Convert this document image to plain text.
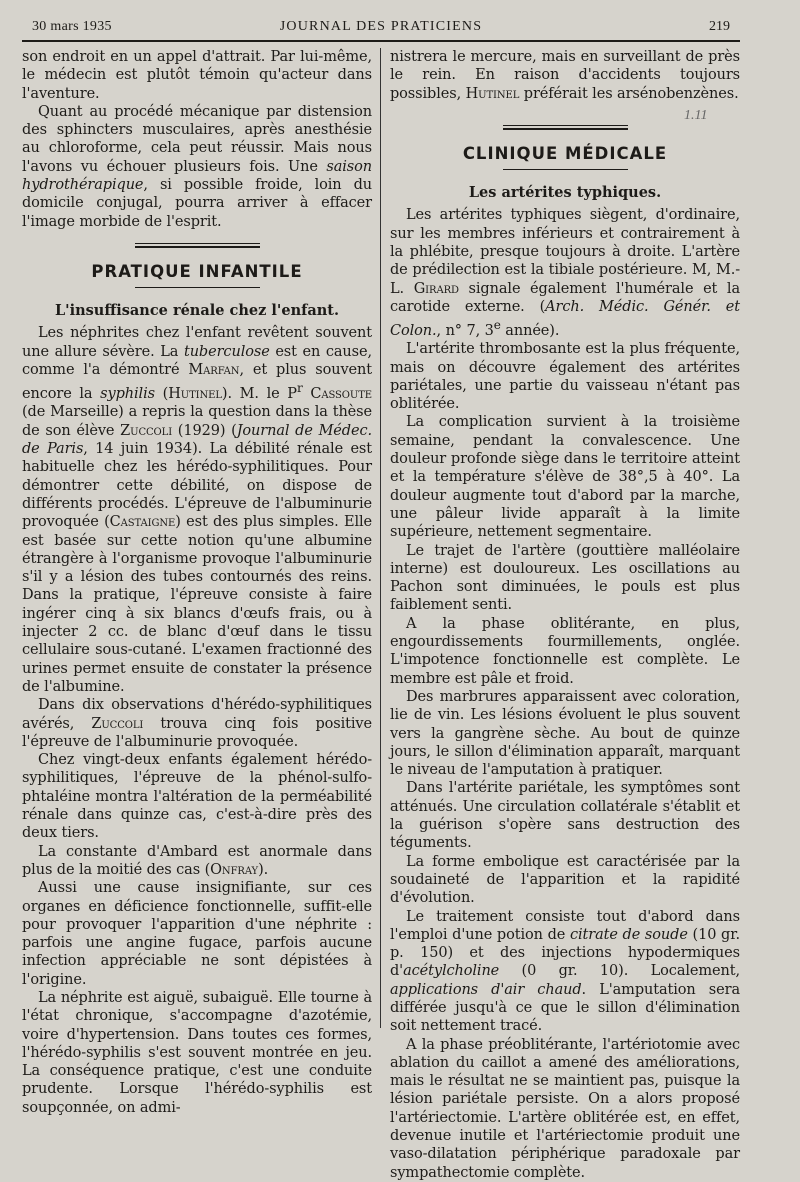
30 mars 1935	JOURNAL DES PRATICIENS	219
1.11

son endroit en un appel d'attrait. Par lui-même, le médecin est plutôt témoin qu'acteur dans l'aventure.

Quant au procédé mécanique par distension des sphincters musculaires, après anesthésie au chloroforme, cela peut réussir. Mais nous l'avons vu échouer plusieurs fois. Une saison hydrothérapique, si possible froide, loin du domicile conjugal, pourra arriver à effacer l'image morbide de l'esprit.

PRATIQUE INFANTILE
L'insuffisance rénale chez l'enfant.

Les néphrites chez l'enfant revêtent souvent une allure sévère. La tuberculose est en cause, comme l'a démontré Marfan, et plus souvent encore la syphilis (Hutinel). M. le $P^r$ Cassoute (de Marseille) a repris la question dans la thèse de son élève Zuccoli (1929) (Journal de Médec. de Paris, 14 juin 1934). La débilité rénale est habituelle chez les hérédo-syphilitiques. Pour démontrer cette débilité, on dispose de différents procédés. L'épreuve de l'albuminurie provoquée (Castaigne) est des plus simples. Elle est basée sur cette notion qu'une albumine étrangère à l'organisme provoque l'albuminurie s'il y a lésion des tubes contournés des reins. Dans la pratique, l'épreuve consiste à faire ingérer cinq à six blancs d'œufs frais, ou à injecter 2 cc. de blanc d'œuf dans le tissu cellulaire sous-cutané. L'examen fractionné des urines permet ensuite de constater la présence de l'albumine.

Dans dix observations d'hérédo-syphilitiques avérés, Zuccoli trouva cinq fois positive l'épreuve de l'albuminurie provoquée.

Chez vingt-deux enfants également hérédo-syphilitiques, l'épreuve de la phénol-sulfo-phtaléine montra l'altération de la perméabilité rénale dans quinze cas, c'est-à-dire près des deux tiers.

La constante d'Ambard est anormale dans plus de la moitié des cas (Onfray).

Aussi une cause insignifiante, sur ces organes en déficience fonctionnelle, suffit-elle pour provoquer l'apparition d'une néphrite : parfois une angine fugace, parfois aucune infection appréciable ne sont dépistées à l'origine.

La néphrite est aiguë, subaiguë. Elle tourne à l'état chronique, s'accompagne d'azotémie, voire d'hypertension. Dans toutes ces formes, l'hérédo-syphilis s'est souvent montrée en jeu. La conséquence pratique, c'est une conduite prudente. Lorsque l'hérédo-syphilis est soupçonnée, on admi-

nistrera le mercure, mais en surveillant de près le rein. En raison d'accidents toujours possibles, Hutinel préférait les arsénobenzènes.

CLINIQUE MÉDICALE
Les artérites typhiques.

Les artérites typhiques siègent, d'ordinaire, sur les membres inférieurs et contrairement à la phlébite, presque toujours à droite. L'artère de prédilection est la tibiale postérieure. M, M.-L. Girard signale également l'humérale et la carotide externe. (Arch. Médic. Génér. et Colon., n° 7, 3e année).

L'artérite thrombosante est la plus fréquente, mais on découvre également des artérites pariétales, une partie du vaisseau n'étant pas oblitérée.

La complication survient à la troisième semaine, pendant la convalescence. Une douleur profonde siège dans le territoire atteint et la température s'élève de 38°,5 à 40°. La douleur augmente tout d'abord par la marche, une pâleur livide apparaît à la limite supérieure, nettement segmentaire.

Le trajet de l'artère (gouttière malléolaire interne) est douloureux. Les oscillations au Pachon sont diminuées, le pouls est plus faiblement senti.

A la phase oblitérante, en plus, engourdissements fourmillements, onglée. L'impotence fonctionnelle est complète. Le membre est pâle et froid.

Des marbrures apparaissent avec coloration, lie de vin. Les lésions évoluent le plus souvent vers la gangrène sèche. Au bout de quinze jours, le sillon d'élimination apparaît, marquant le niveau de l'amputation à pratiquer.

Dans l'artérite pariétale, les symptômes sont atténués. Une circulation collatérale s'établit et la guérison s'opère sans destruction des téguments.

La forme embolique est caractérisée par la soudaineté de l'apparition et la rapidité d'évolution.

Le traitement consiste tout d'abord dans l'emploi d'une potion de citrate de soude (10 gr. p. 150) et des injections hypodermiques d'acétylcholine (0 gr. 10). Localement, applications d'air chaud. L'amputation sera différée jusqu'à ce que le sillon d'élimination soit nettement tracé.

A la phase préoblitérante, l'artériotomie avec ablation du caillot a amené des améliorations, mais le résultat ne se maintient pas, puisque la lésion pariétale persiste. On a alors proposé l'artériectomie. L'artère oblitérée est, en effet, devenue inutile et l'artériectomie produit une vaso-dilatation périphérique paradoxale par sympathectomie complète.
